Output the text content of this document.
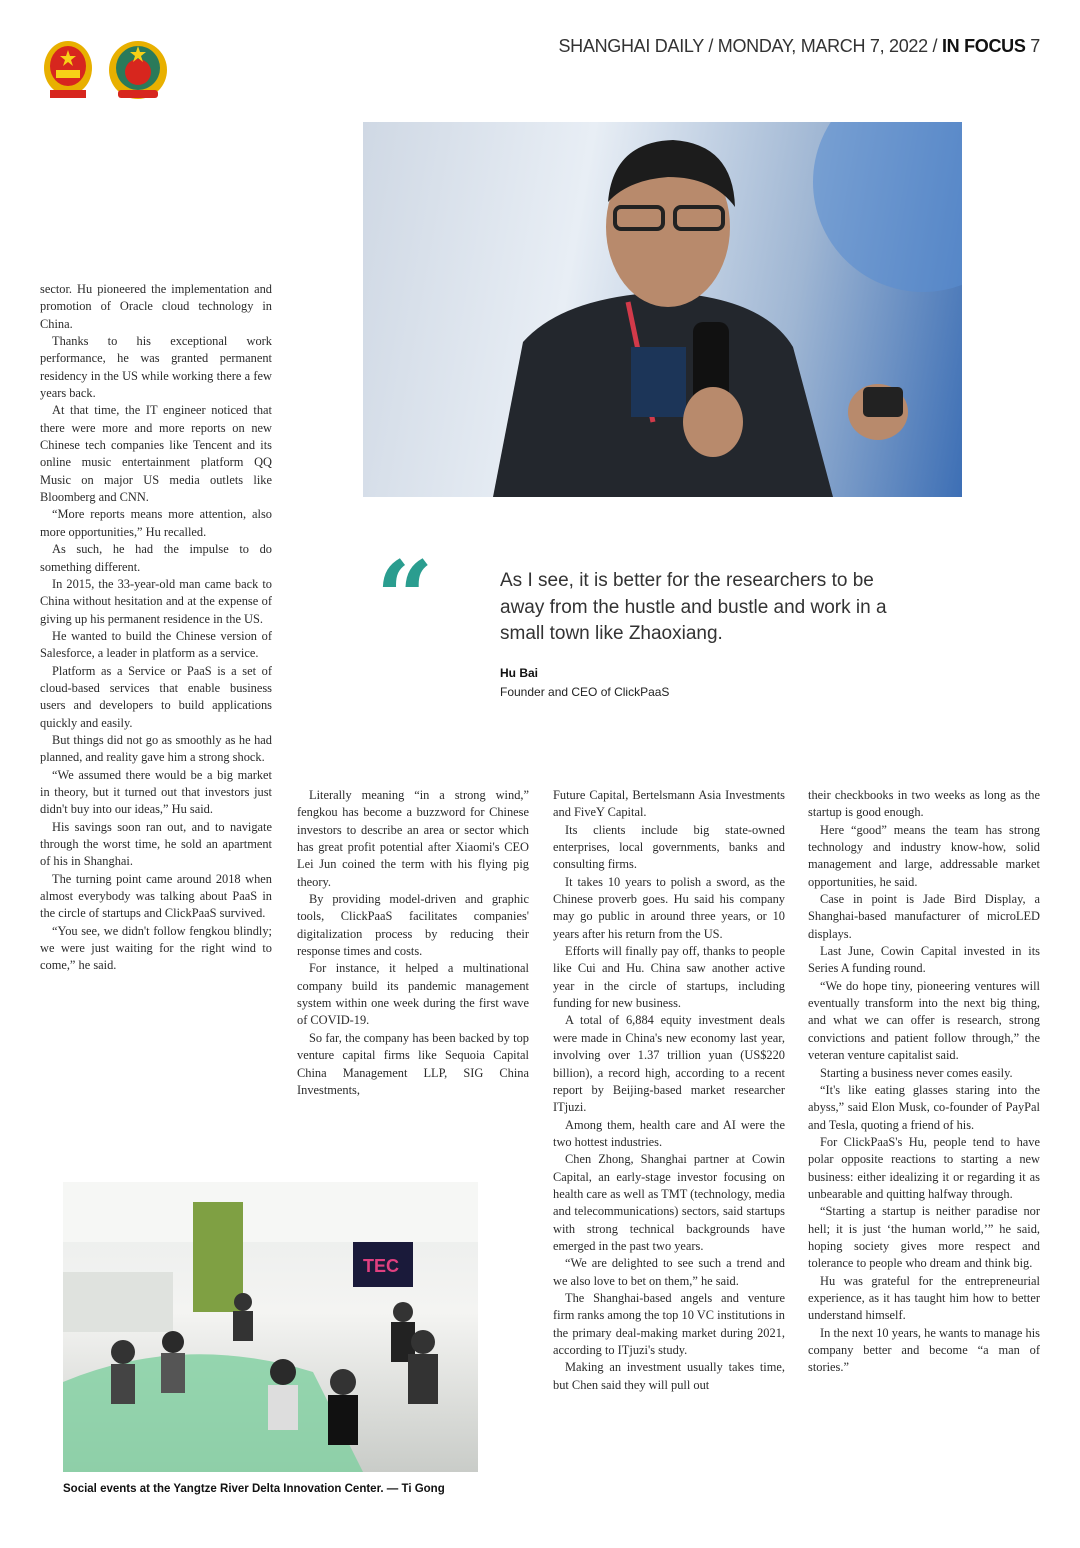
SHANGHAI DAILY / MONDAY, MARCH 7, 2022 / IN FOCUS 7
“	As I see, it is better for the researchers to be away from the hustle and bustle and work in a small town like Zhaoxiang.
Hu Bai
Founder and CEO of ClickPaaS

sector. Hu pioneered the implementation and promotion of Oracle cloud technology in China.

Thanks to his exceptional work performance, he was granted permanent residency in the US while working there a few years back.

At that time, the IT engineer noticed that there were more and more reports on new Chinese tech companies like Tencent and its online music entertainment platform QQ Music on major US media outlets like Bloomberg and CNN.

“More reports means more attention, also more opportunities,” Hu recalled.

As such, he had the impulse to do something different.

In 2015, the 33-year-old man came back to China without hesitation and at the expense of giving up his permanent residence in the US.

He wanted to build the Chinese version of Salesforce, a leader in platform as a service.

Platform as a Service or PaaS is a set of cloud-based services that enable business users and developers to build applications quickly and easily.

But things did not go as smoothly as he had planned, and reality gave him a strong shock.

“We assumed there would be a big market in theory, but it turned out that investors just didn't buy into our ideas,” Hu said.

His savings soon ran out, and to navigate through the worst time, he sold an apartment of his in Shanghai.

The turning point came around 2018 when almost everybody was talking about PaaS in the circle of startups and ClickPaaS survived.

“You see, we didn't follow fengkou blindly; we were just waiting for the right wind to come,” he said.

Literally meaning “in a strong wind,” fengkou has become a buzzword for Chinese investors to describe an area or sector which has great profit potential after Xiaomi's CEO Lei Jun coined the term with his flying pig theory.

By providing model-driven and graphic tools, ClickPaaS facilitates companies' digitalization process by reducing their response times and costs.

For instance, it helped a multinational company build its pandemic management system within one week during the first wave of COVID-19.

So far, the company has been backed by top venture capital firms like Sequoia Capital China Management LLP, SIG China Investments,

Future Capital, Bertelsmann Asia Investments and FiveY Capital.

Its clients include big state-owned enterprises, local governments, banks and consulting firms.

It takes 10 years to polish a sword, as the Chinese proverb goes. Hu said his company may go public in around three years, or 10 years after his return from the US.

Efforts will finally pay off, thanks to people like Cui and Hu. China saw another active year in the circle of startups, including funding for new business.

A total of 6,884 equity investment deals were made in China's new economy last year, involving over 1.37 trillion yuan (US$220 billion), a record high, according to a recent report by Beijing-based market researcher ITjuzi.

Among them, health care and AI were the two hottest industries.

Chen Zhong, Shanghai partner at Cowin Capital, an early-stage investor focusing on health care as well as TMT (technology, media and telecommunications) sectors, said startups with strong technical backgrounds have emerged in the past two years.

“We are delighted to see such a trend and we also love to bet on them,” he said.

The Shanghai-based angels and venture firm ranks among the top 10 VC institutions in the primary deal-making market during 2021, according to ITjuzi's study.

Making an investment usually takes time, but Chen said they will pull out

their checkbooks in two weeks as long as the startup is good enough.

Here “good” means the team has strong technology and industry know-how, solid management and large, addressable market opportunities, he said.

Case in point is Jade Bird Display, a Shanghai-based manufacturer of microLED displays.

Last June, Cowin Capital invested in its Series A funding round.

“We do hope tiny, pioneering ventures will eventually transform into the next big thing, and what we can offer is research, strong convictions and patient follow through,” the veteran venture capitalist said.

Starting a business never comes easily.

“It's like eating glasses staring into the abyss,” said Elon Musk, co-founder of PayPal and Tesla, quoting a friend of his.

For ClickPaaS's Hu, people tend to have polar opposite reactions to starting a new business: either idealizing it or regarding it as unbearable and quitting halfway through.

“Starting a startup is neither paradise nor hell; it is just ‘the human world,’” he said, hoping society gives more respect and tolerance to people who dream and think big.

Hu was grateful for the entrepreneurial experience, as it has taught him how to better understand himself.

In the next 10 years, he wants to manage his company better and become “a man of stories.”

TEC
Social events at the Yangtze River Delta Innovation Center. — Ti Gong
